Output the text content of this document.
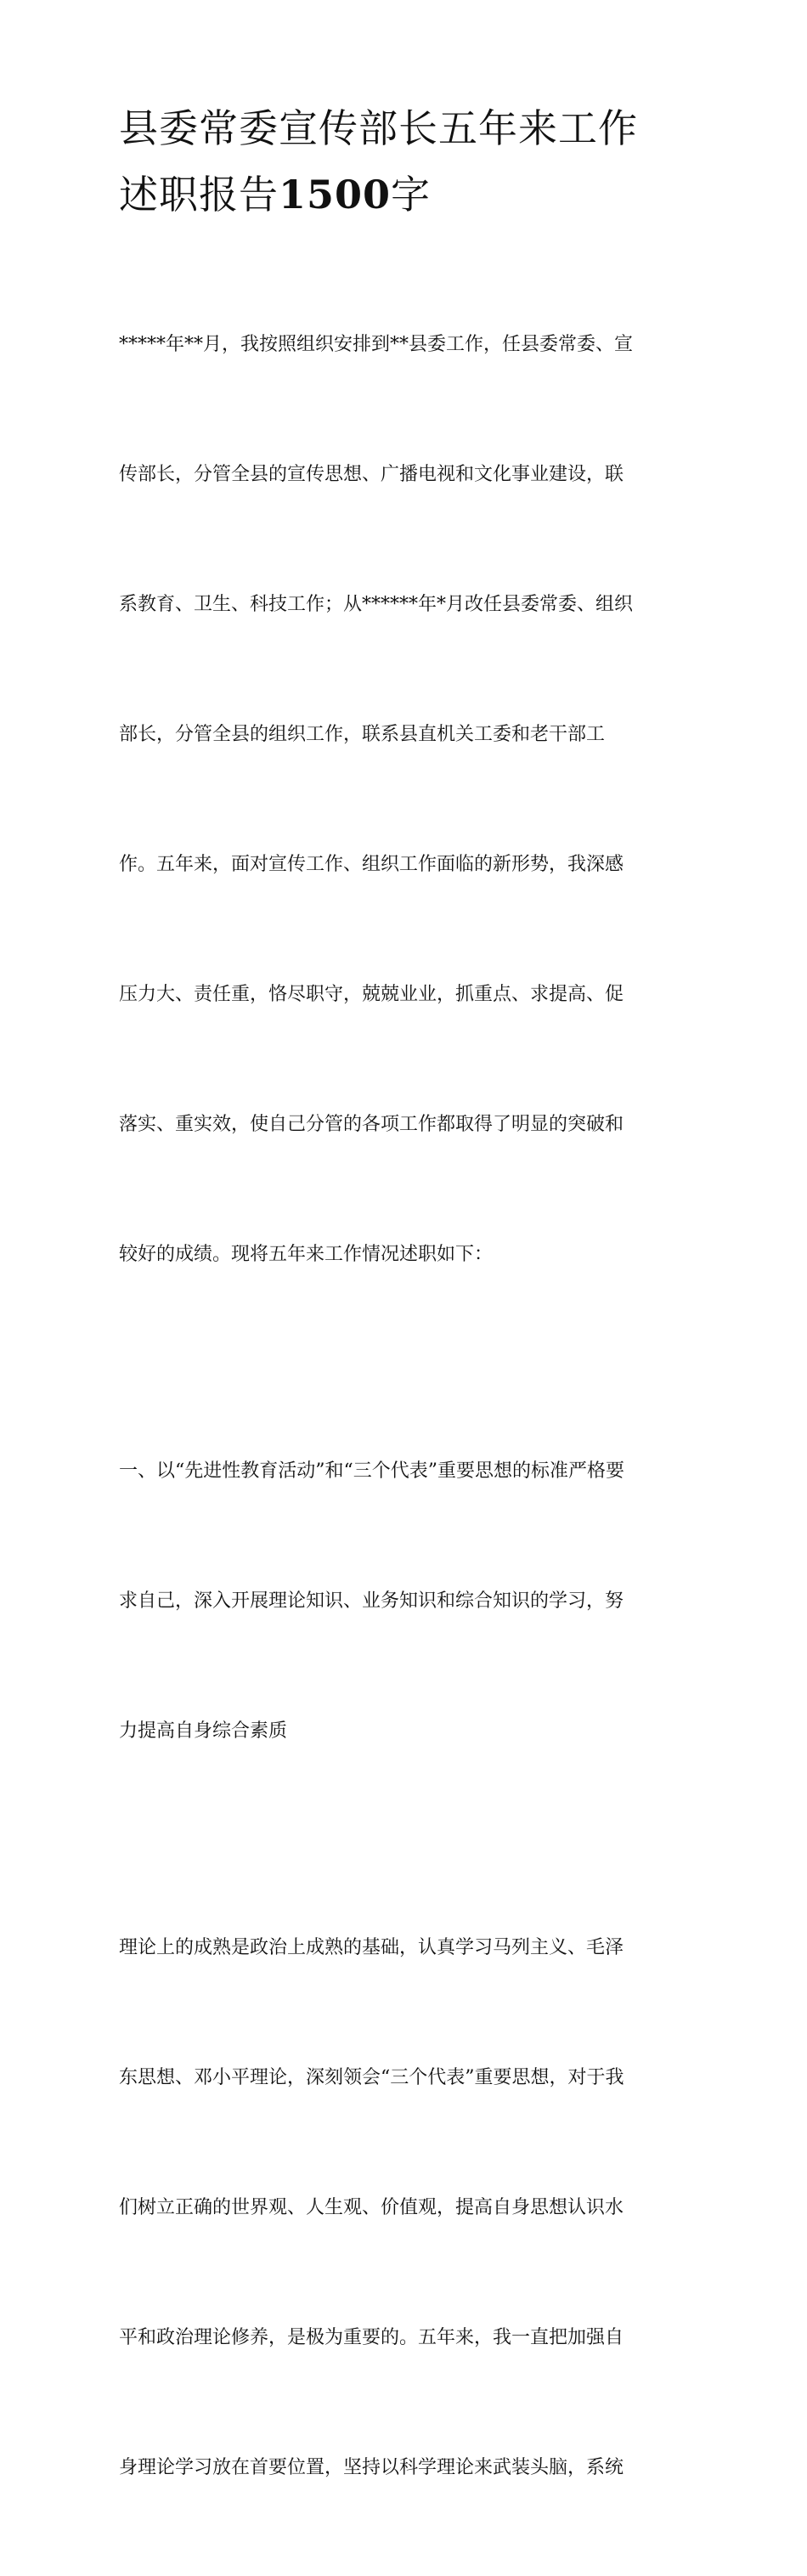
县委常委宣传部长五年来工作
述职报告1500字

*****年**月，我按照组织安排到**县委工作，任县委常委、宣

传部长，分管全县的宣传思想、广播电视和文化事业建设，联

系教育、卫生、科技工作；从******年*月改任县委常委、组织

部长，分管全县的组织工作，联系县直机关工委和老干部工

作。五年来，面对宣传工作、组织工作面临的新形势，我深感

压力大、责任重，恪尽职守，兢兢业业，抓重点、求提高、促

落实、重实效，使自己分管的各项工作都取得了明显的突破和

较好的成绩。现将五年来工作情况述职如下：

一、以“先进性教育活动”和“三个代表”重要思想的标准严格要

求自己，深入开展理论知识、业务知识和综合知识的学习，努

力提高自身综合素质

理论上的成熟是政治上成熟的基础，认真学习马列主义、毛泽

东思想、邓小平理论，深刻领会“三个代表”重要思想，对于我

们树立正确的世界观、人生观、价值观，提高自身思想认识水

平和政治理论修养，是极为重要的。五年来，我一直把加强自

身理论学习放在首要位置，坚持以科学理论来武装头脑，系统
